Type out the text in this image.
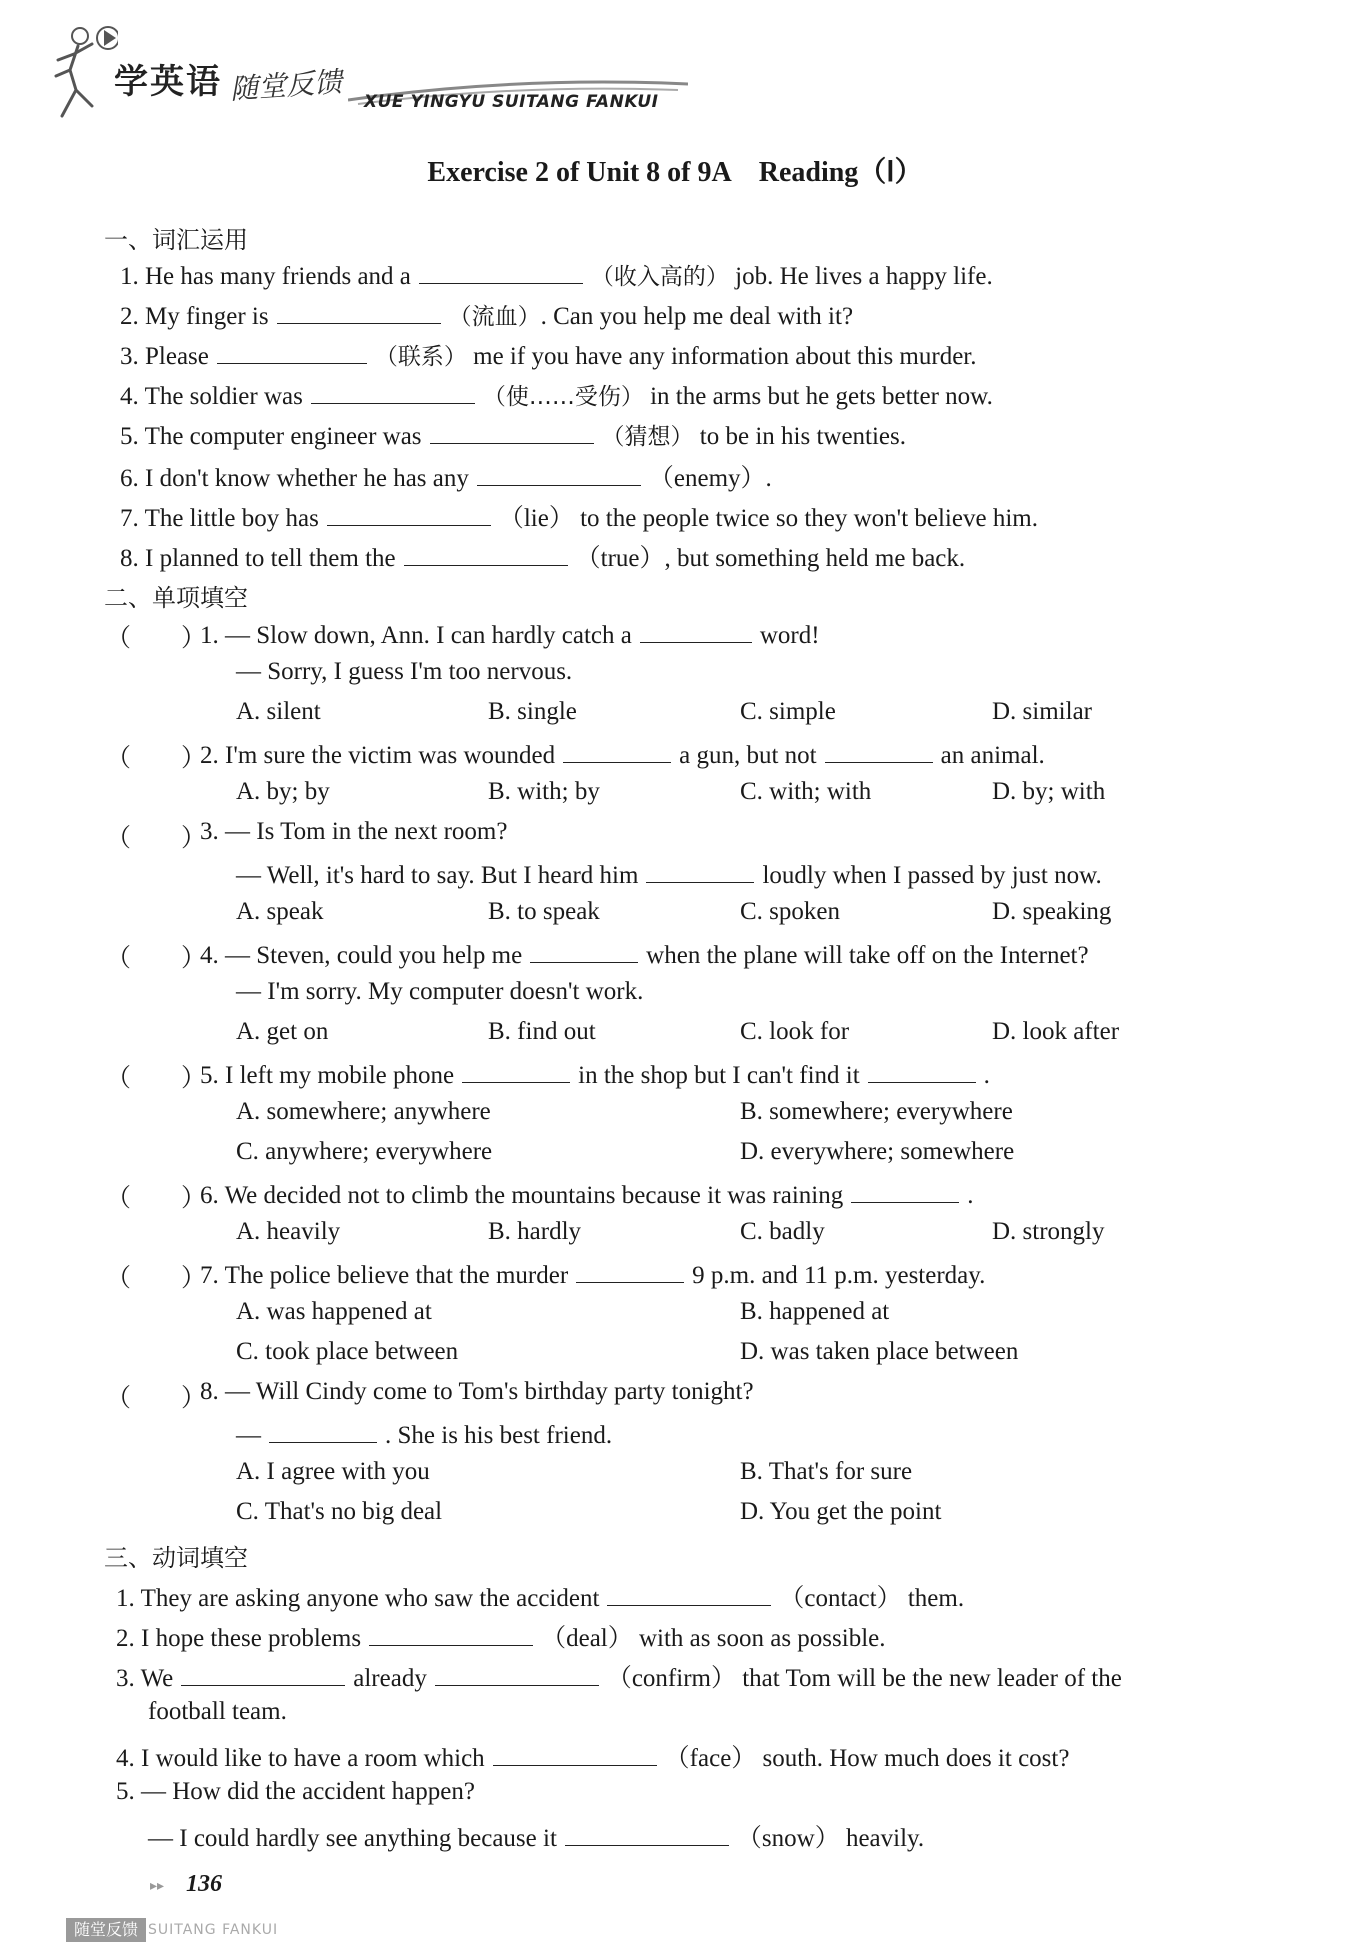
学英语 随堂反馈 XUE YINGYU SUITANG FANKUI
Exercise 2 of Unit 8 of 9A Reading（Ⅰ）
一、词汇运用
1. He has many friends and a	（收入高的） job. He lives a happy life.
2. My finger is	（流血）. Can you help me deal with it?
3. Please	（联系） me if you have any information about this murder.
4. The soldier was	（使……受伤） in the arms but he gets better now.
5. The computer engineer was	（猜想） to be in his twenties.
6. I don't know whether he has any	（enemy）.
7. The little boy has	（lie） to the people twice so they won't believe him.
8. I planned to tell them the	（true）, but something held me back.
二、单项填空
（　　）
1. — Slow down, Ann. I can hardly catch a	word!
— Sorry, I guess I'm too nervous.
A. silent	B. single	C. simple	D. similar
（　　）
2. I'm sure the victim was wounded	a gun, but not	an animal.
A. by; by	B. with; by	C. with; with	D. by; with
（　　）
3. — Is Tom in the next room?
— Well, it's hard to say. But I heard him	loudly when I passed by just now.
A. speak	B. to speak	C. spoken	D. speaking
（　　）
4. — Steven, could you help me	when the plane will take off on the Internet?
— I'm sorry. My computer doesn't work.
A. get on	B. find out	C. look for	D. look after
（　　）
5. I left my mobile phone	in the shop but I can't find it	.
A. somewhere; anywhere	B. somewhere; everywhere
C. anywhere; everywhere	D. everywhere; somewhere
（　　）
6. We decided not to climb the mountains because it was raining	.
A. heavily	B. hardly	C. badly	D. strongly
（　　）
7. The police believe that the murder	9 p.m. and 11 p.m. yesterday.
A. was happened at	B. happened at
C. took place between	D. was taken place between
（　　）
8. — Will Cindy come to Tom's birthday party tonight?
—	. She is his best friend.
A. I agree with you	B. That's for sure
C. That's no big deal	D. You get the point
三、动词填空
1. They are asking anyone who saw the accident	（contact） them.
2. I hope these problems	（deal） with as soon as possible.
3. We	already	（confirm） that Tom will be the new leader of the
football team.
4. I would like to have a room which	（face） south. How much does it cost?
5. — How did the accident happen?
— I could hardly see anything because it	（snow） heavily.
▸▸ 136
随堂反馈 SUITANG FANKUI
